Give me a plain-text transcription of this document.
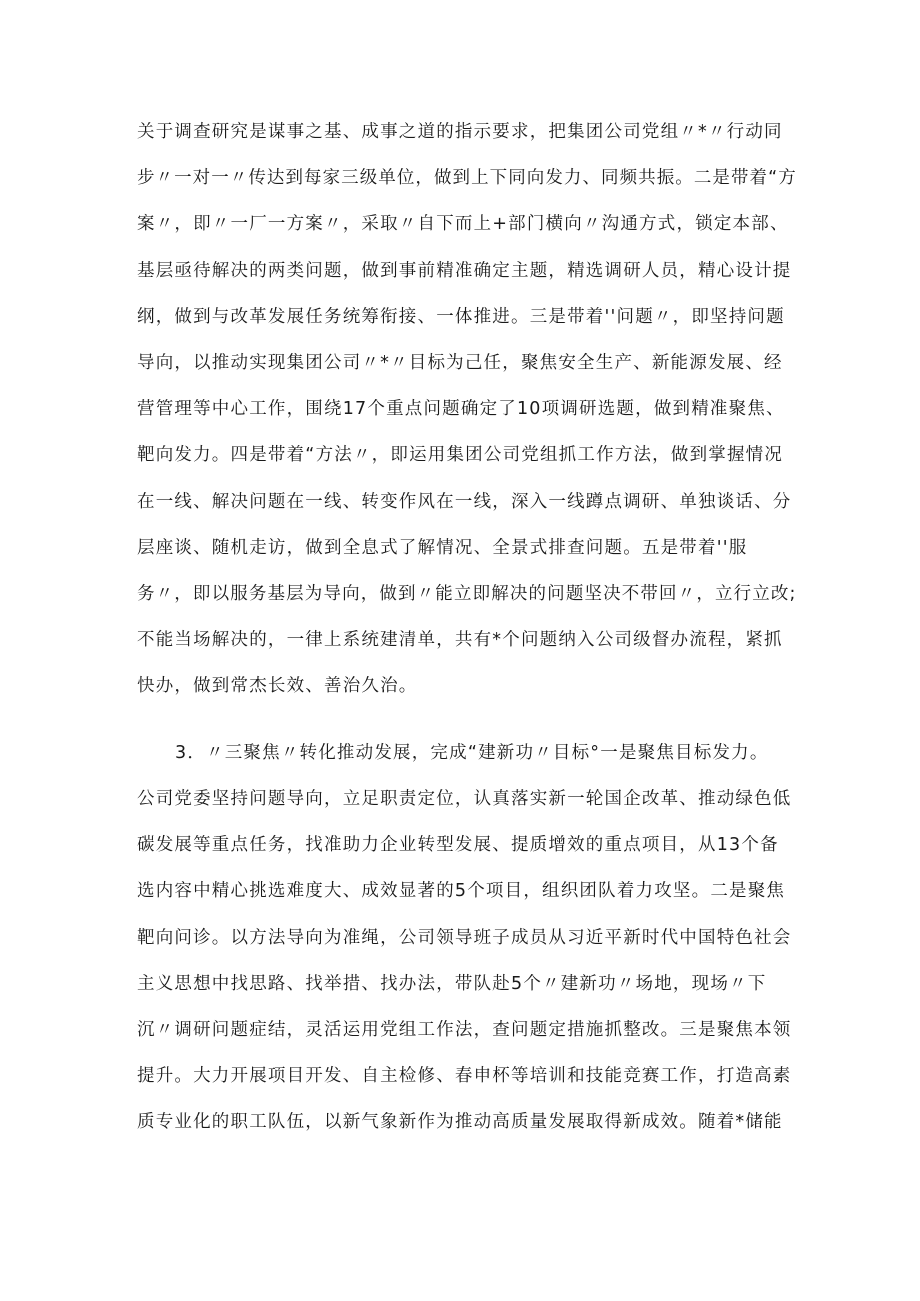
关于调查研究是谋事之基、成事之道的指示要求，把集团公司党组〃*〃行动同
步〃一对一〃传达到每家三级单位，做到上下同向发力、同频共振。二是带着“方
案〃，即〃一厂一方案〃，采取〃自下而上+部门横向〃沟通方式，锁定本部、
基层亟待解决的两类问题，做到事前精准确定主题，精选调研人员，精心设计提
纲，做到与改革发展任务统筹衔接、一体推进。三是带着''问题〃，即坚持问题
导向，以推动实现集团公司〃*〃目标为己任，聚焦安全生产、新能源发展、经
营管理等中心工作，围绕17个重点问题确定了10项调研选题，做到精准聚焦、
靶向发力。四是带着“方法〃，即运用集团公司党组抓工作方法，做到掌握情况
在一线、解决问题在一线、转变作风在一线，深入一线蹲点调研、单独谈话、分
层座谈、随机走访，做到全息式了解情况、全景式排查问题。五是带着''服
务〃，即以服务基层为导向，做到〃能立即解决的问题坚决不带回〃，立行立改;
不能当场解决的，一律上系统建清单，共有*个问题纳入公司级督办流程，紧抓
快办，做到常杰长效、善治久治。
3．〃三聚焦〃转化推动发展，完成“建新功〃目标°一是聚焦目标发力。
公司党委坚持问题导向，立足职责定位，认真落实新一轮国企改革、推动绿色低
碳发展等重点任务，找准助力企业转型发展、提质增效的重点项目，从13个备
选内容中精心挑选难度大、成效显著的5个项目，组织团队着力攻坚。二是聚焦
靶向问诊。以方法导向为准绳，公司领导班子成员从习近平新时代中国特色社会
主义思想中找思路、找举措、找办法，带队赴5个〃建新功〃场地，现场〃下
沉〃调研问题症结，灵活运用党组工作法，查问题定措施抓整改。三是聚焦本领
提升。大力开展项目开发、自主检修、春申杯等培训和技能竞赛工作，打造高素
质专业化的职工队伍，以新气象新作为推动高质量发展取得新成效。随着*储能
